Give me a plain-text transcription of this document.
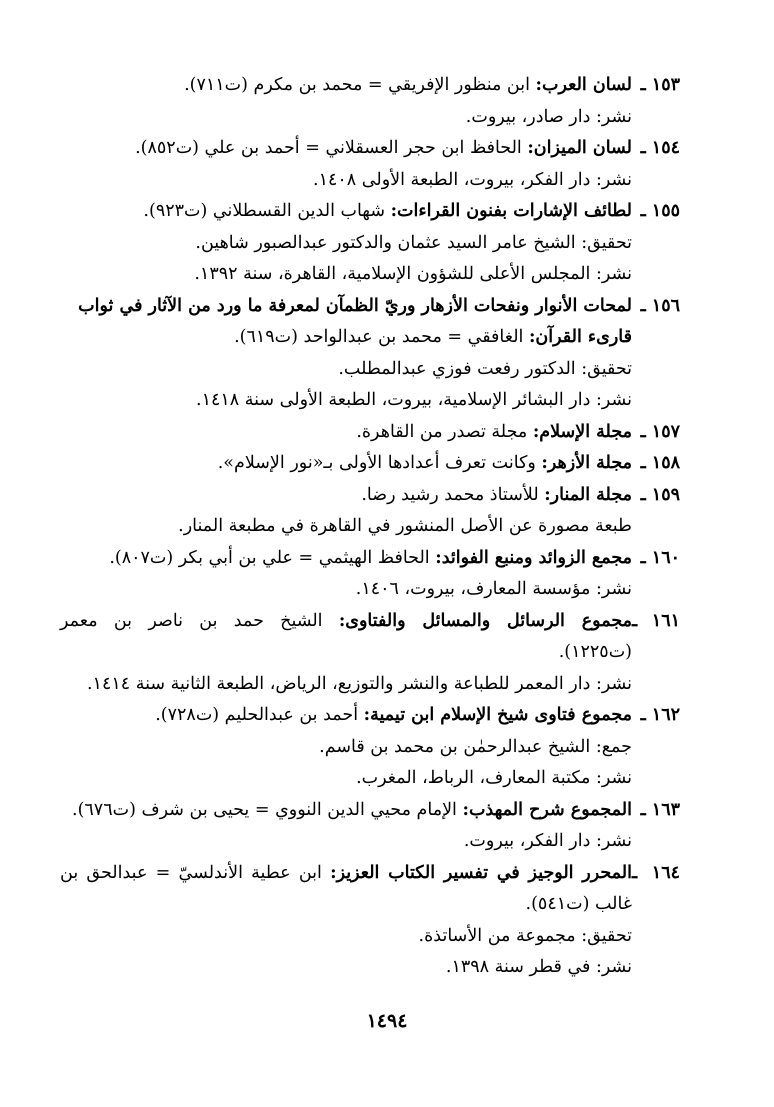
١٥٣ ـلسان العرب: ابن منظور الإفريقي = محمد بن مكرم (ت٧١١).
نشر: دار صادر، بيروت.
١٥٤ ـلسان الميزان: الحافظ ابن حجر العسقلاني = أحمد بن علي (ت٨٥٢).
نشر: دار الفكر، بيروت، الطبعة الأولى ١٤٠٨.
١٥٥ ـلطائف الإشارات بفنون القراءات: شهاب الدين القسطلاني (ت٩٢٣).
تحقيق: الشيخ عامر السيد عثمان والدكتور عبدالصبور شاهين.
نشر: المجلس الأعلى للشؤون الإسلامية، القاهرة، سنة ١٣٩٢.
١٥٦ ـلمحات الأنوار ونفحات الأزهار وريّ الظمآن لمعرفة ما ورد من الآثار في ثواب
قارىء القرآن: الغافقي = محمد بن عبدالواحد (ت٦١٩).
تحقيق: الدكتور رفعت فوزي عبدالمطلب.
نشر: دار البشائر الإسلامية، بيروت، الطبعة الأولى سنة ١٤١٨.
١٥٧ ـمجلة الإسلام: مجلة تصدر من القاهرة.
١٥٨ ـمجلة الأزهر: وكانت تعرف أعدادها الأولى بـ«نور الإسلام».
١٥٩ ـمجلة المنار: للأستاذ محمد رشيد رضا.
طبعة مصورة عن الأصل المنشور في القاهرة في مطبعة المنار.
١٦٠ ـمجمع الزوائد ومنبع الفوائد: الحافظ الهيثمي = علي بن أبي بكر (ت٨٠٧).
نشر: مؤسسة المعارف، بيروت، ١٤٠٦.
١٦١ ـمجموع الرسائل والمسائل والفتاوى: الشيخ حمد بن ناصر بن معمر
(ت١٢٢٥).
نشر: دار المعمر للطباعة والنشر والتوزيع، الرياض، الطبعة الثانية سنة ١٤١٤.
١٦٢ ـمجموع فتاوى شيخ الإسلام ابن تيمية: أحمد بن عبدالحليم (ت٧٢٨).
جمع: الشيخ عبدالرحمٰن بن محمد بن قاسم.
نشر: مكتبة المعارف، الرباط، المغرب.
١٦٣ ـالمجموع شرح المهذب: الإمام محيي الدين النووي = يحيى بن شرف (ت٦٧٦).
نشر: دار الفكر، بيروت.
١٦٤ ـالمحرر الوجيز في تفسير الكتاب العزيز: ابن عطية الأندلسيّ = عبدالحق بن
غالب (ت٥٤١).
تحقيق: مجموعة من الأساتذة.
نشر: في قطر سنة ١٣٩٨.
١٤٩٤
